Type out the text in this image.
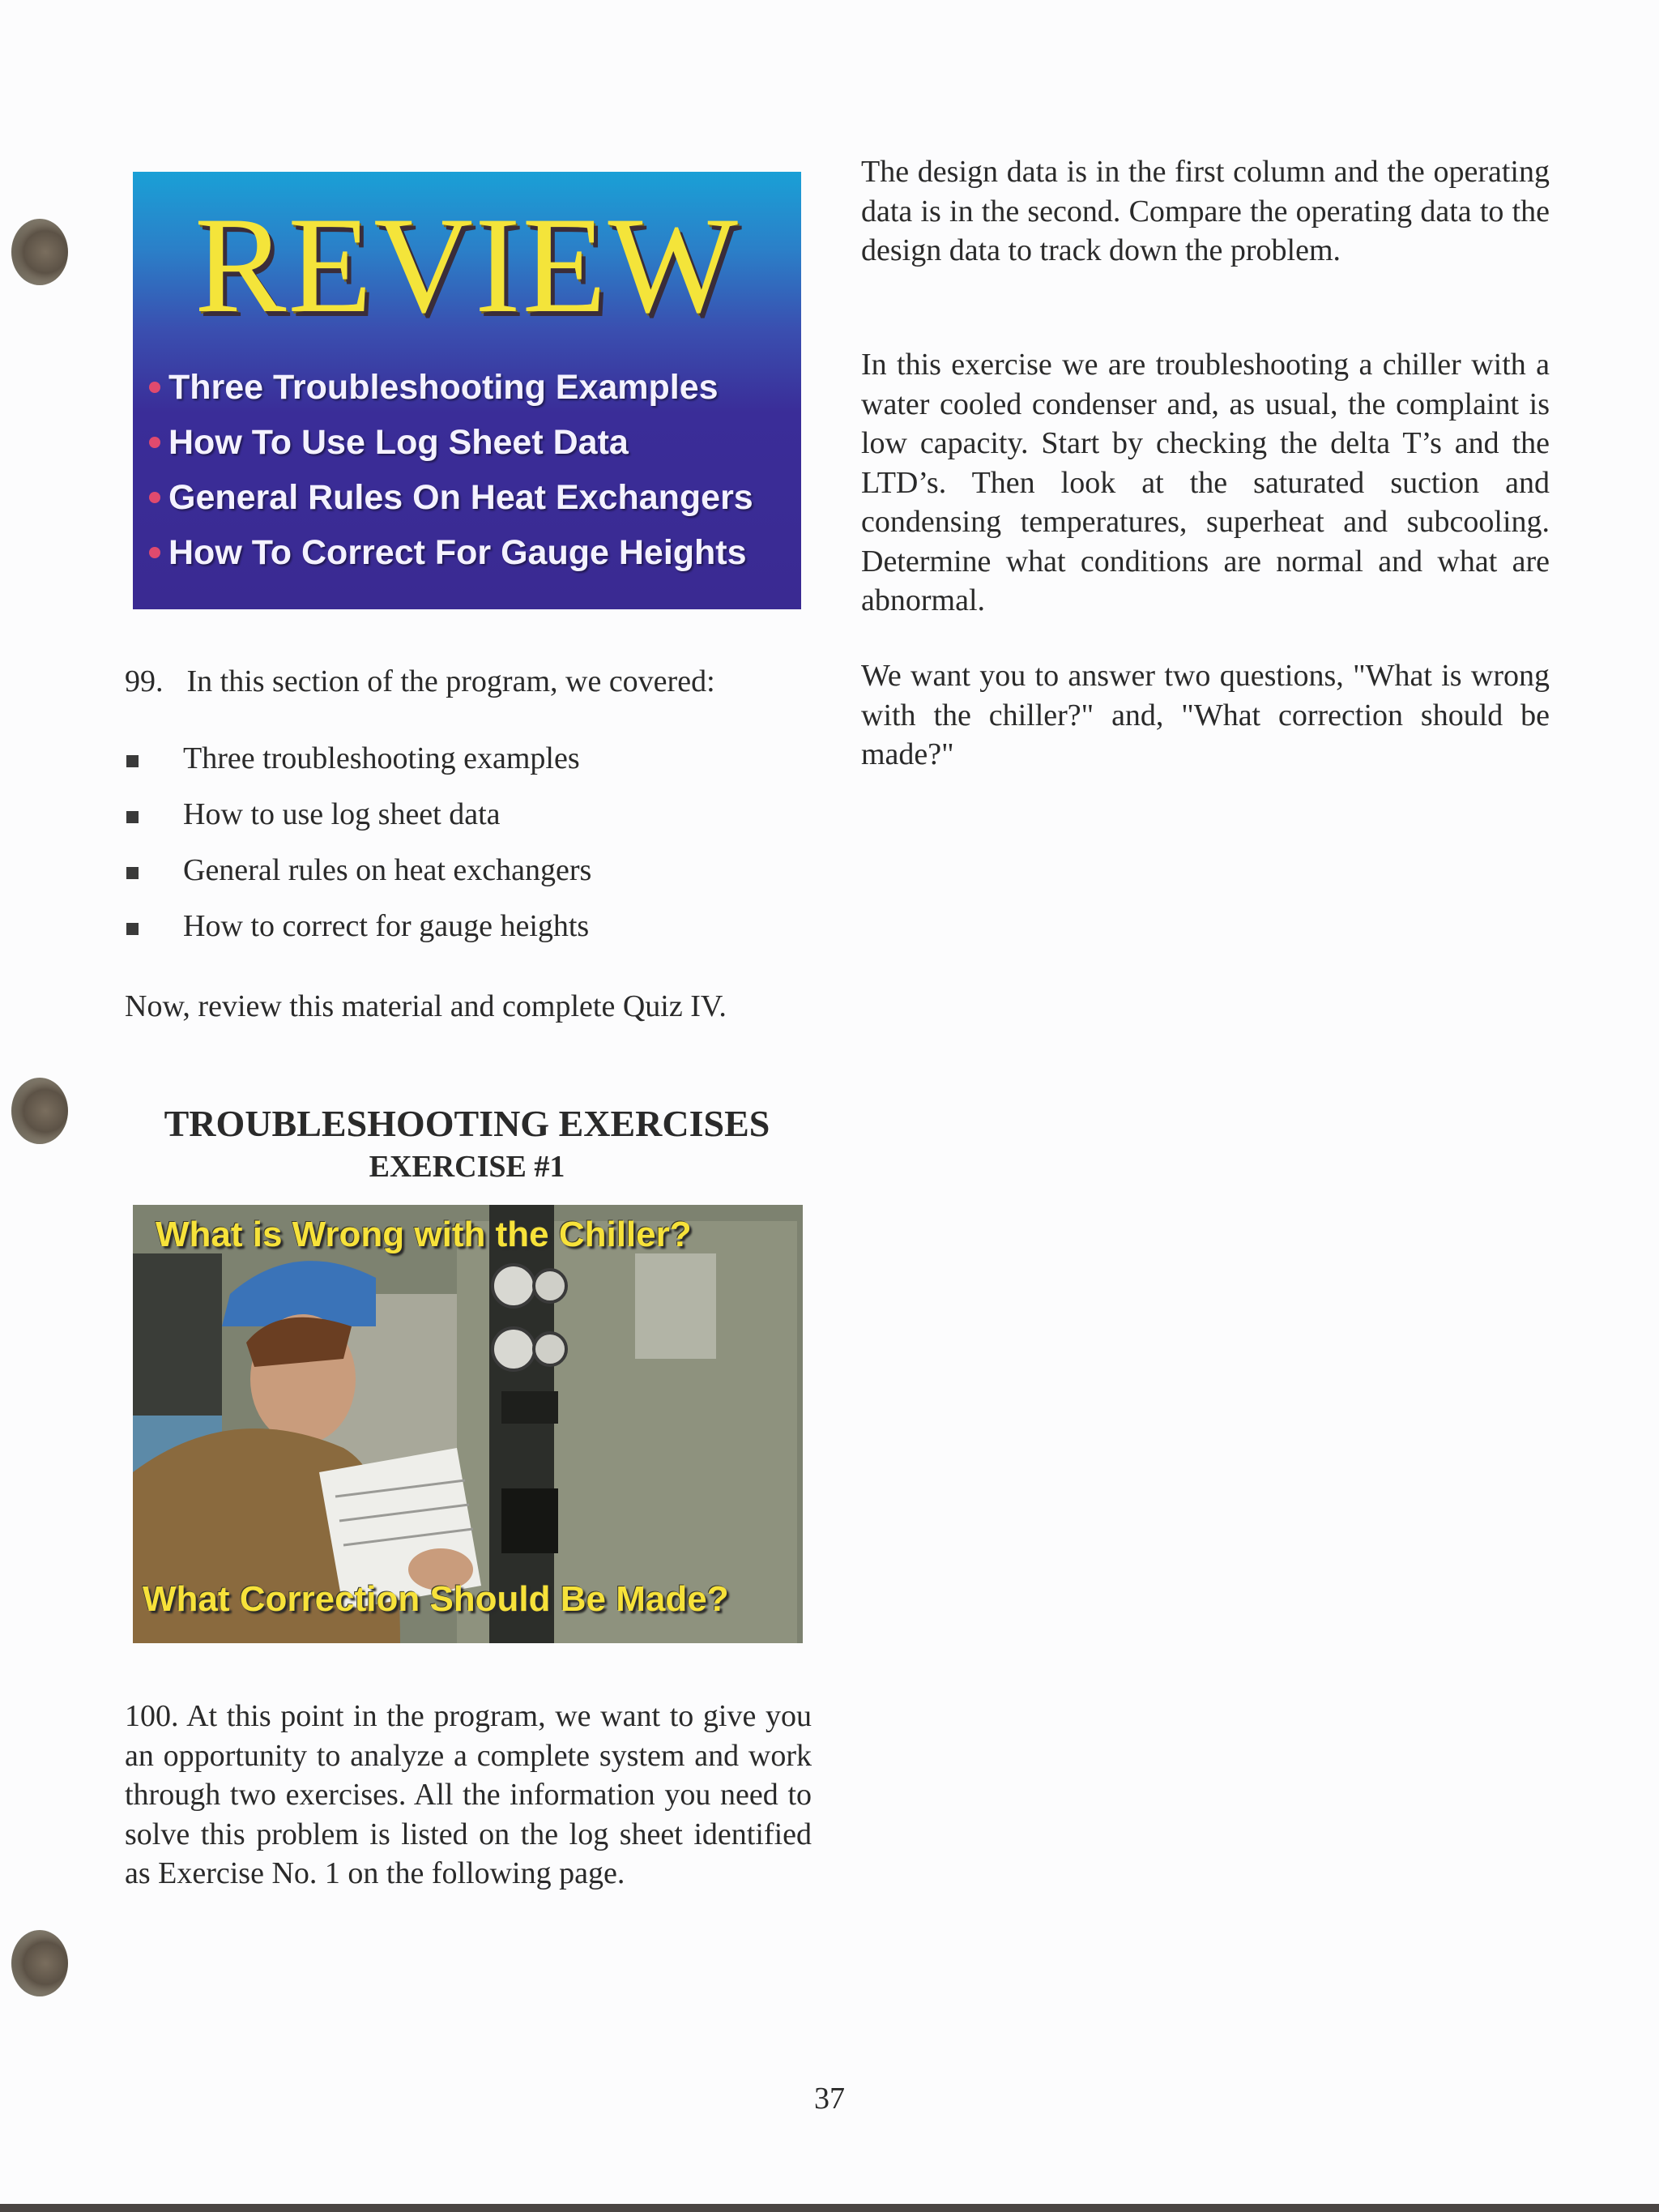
REVIEW
Three Troubleshooting Examples
How To Use Log Sheet Data
General Rules On Heat Exchangers
How To Correct For Gauge Heights
99. In this section of the program, we covered:
Three troubleshooting examples
How to use log sheet data
General rules on heat exchangers
How to correct for gauge heights
Now, review this material and complete Quiz IV.
TROUBLESHOOTING EXERCISES
EXERCISE #1
What is Wrong with the Chiller?
What Correction Should Be Made?
100. At this point in the program, we want to give you an opportunity to analyze a complete system and work through two exercises. All the information you need to solve this problem is listed on the log sheet identified as Exercise No. 1 on the following page.
The design data is in the first column and the operating data is in the second. Compare the operating data to the design data to track down the problem.
In this exercise we are troubleshooting a chiller with a water cooled condenser and, as usual, the complaint is low capacity. Start by checking the delta T’s and the LTD’s. Then look at the saturated suction and condensing temperatures, superheat and subcooling. Determine what conditions are normal and what are abnormal.
We want you to answer two questions, "What is wrong with the chiller?" and, "What correction should be made?"
37
